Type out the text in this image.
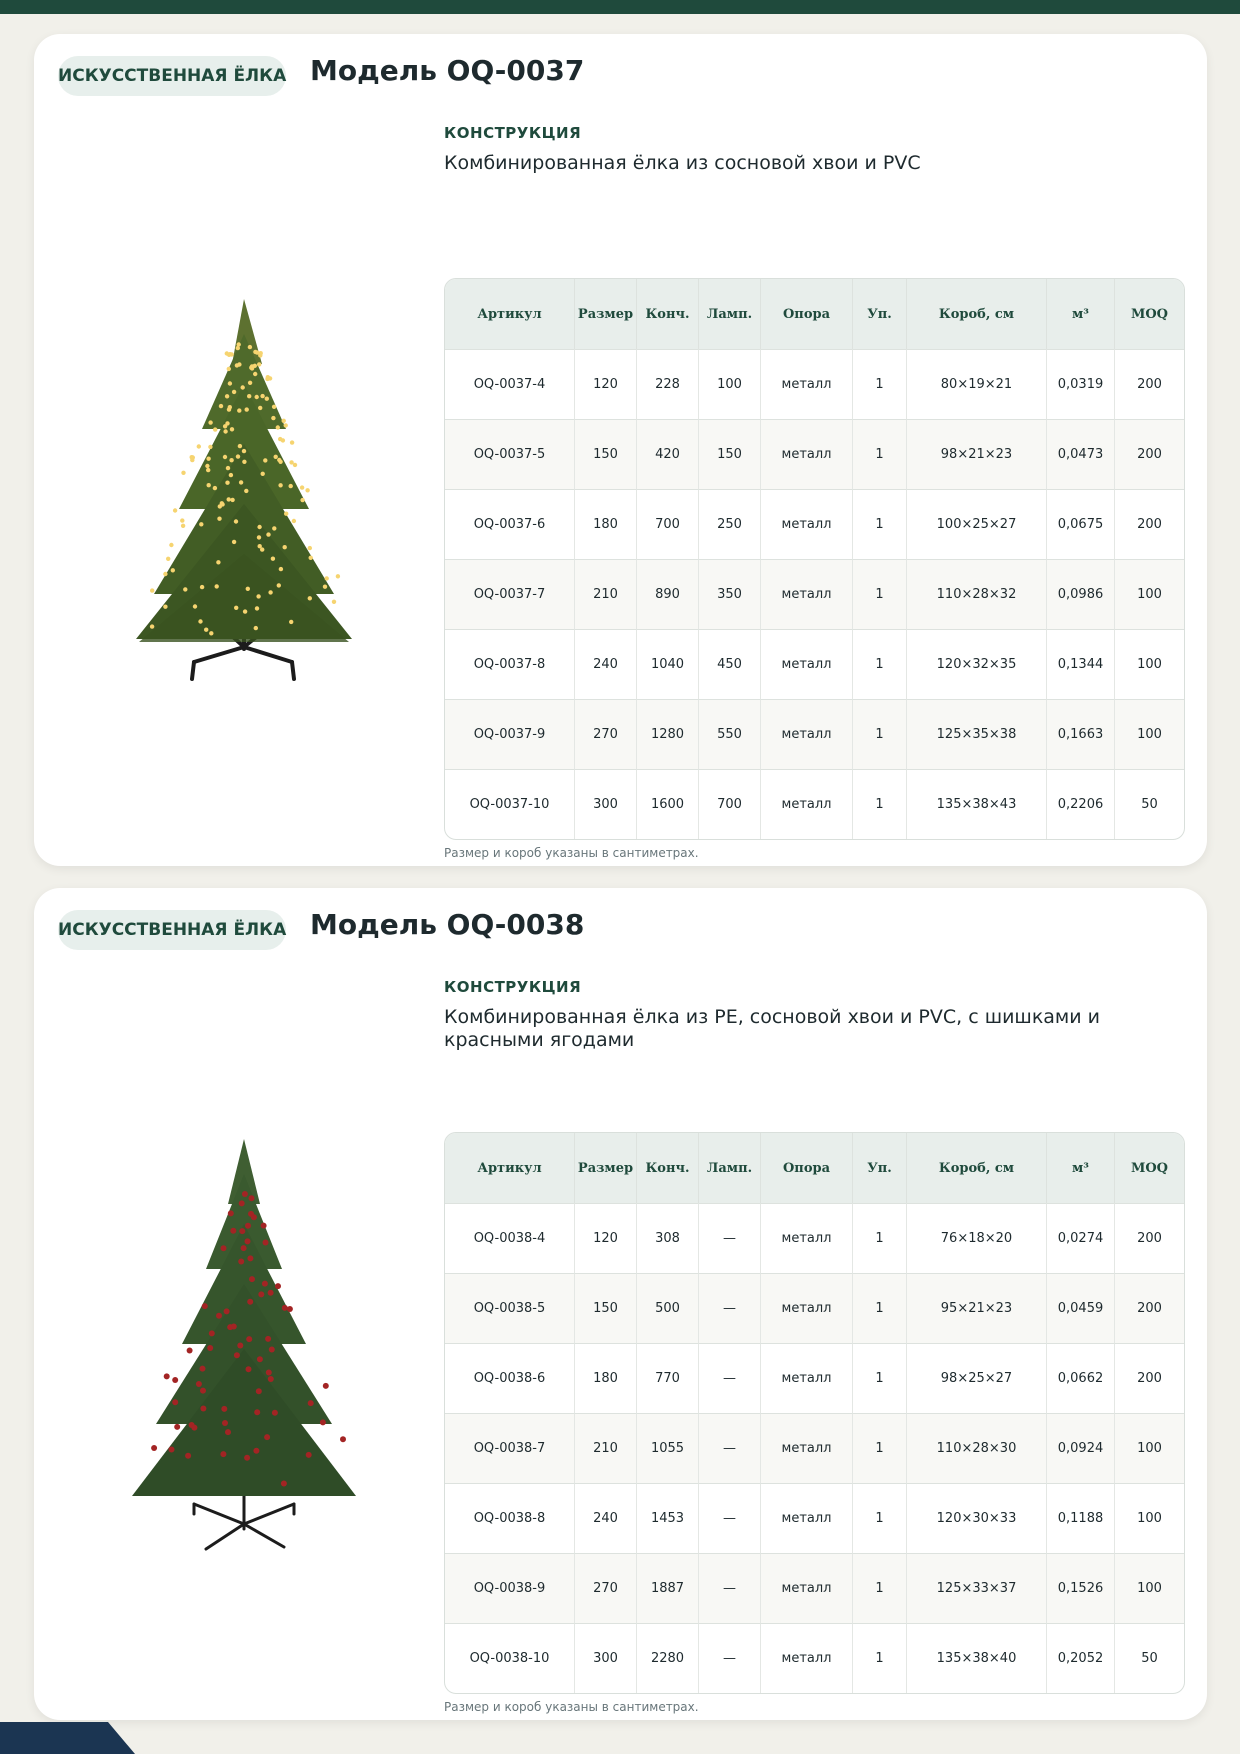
ИСКУССТВЕННАЯ ЁЛКА Модель OQ-0037
КОНСТРУКЦИЯ
Комбинированная ёлка из сосновой хвои и PVC
Артикул	Размер	Конч.	Ламп.	Опора	Уп.	Короб, см	м³	MOQ
OQ-0037-4	120	228	100	металл	1	80×19×21	0,0319	200
OQ-0037-5	150	420	150	металл	1	98×21×23	0,0473	200
OQ-0037-6	180	700	250	металл	1	100×25×27	0,0675	200
OQ-0037-7	210	890	350	металл	1	110×28×32	0,0986	100
OQ-0037-8	240	1040	450	металл	1	120×32×35	0,1344	100
OQ-0037-9	270	1280	550	металл	1	125×35×38	0,1663	100
OQ-0037-10	300	1600	700	металл	1	135×38×43	0,2206	50
Размер и короб указаны в сантиметрах.
ИСКУССТВЕННАЯ ЁЛКА Модель OQ-0038
КОНСТРУКЦИЯ
Комбинированная ёлка из PE, сосновой хвои и PVC, с шишками и красными ягодами
Артикул	Размер	Конч.	Ламп.	Опора	Уп.	Короб, см	м³	MOQ
OQ-0038-4	120	308	—	металл	1	76×18×20	0,0274	200
OQ-0038-5	150	500	—	металл	1	95×21×23	0,0459	200
OQ-0038-6	180	770	—	металл	1	98×25×27	0,0662	200
OQ-0038-7	210	1055	—	металл	1	110×28×30	0,0924	100
OQ-0038-8	240	1453	—	металл	1	120×30×33	0,1188	100
OQ-0038-9	270	1887	—	металл	1	125×33×37	0,1526	100
OQ-0038-10	300	2280	—	металл	1	135×38×40	0,2052	50
Размер и короб указаны в сантиметрах.
